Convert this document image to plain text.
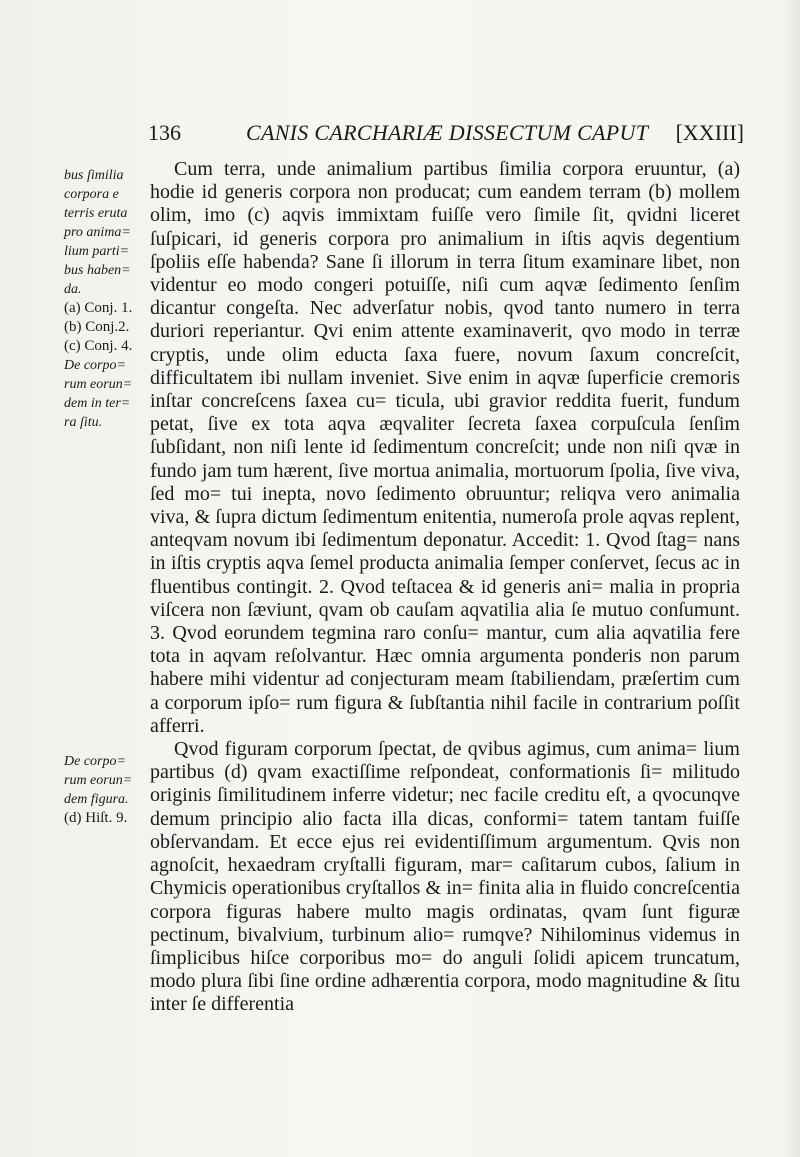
136	CANIS CARCHARIÆ DISSECTUM CAPUT [XXIII]
bus ſimilia
corpora e
terris eruta
pro anima=
lium parti=
bus haben=
da.
(a) Conj. 1.
(b) Conj.2.
(c) Conj. 4.
De corpo=
rum eorun=
dem in ter=
ra ſitu.
De corpo=
rum eorun=
dem figura.
(d) Hiſt. 9.

Cum terra, unde animalium partibus ſimilia corpora eruuntur, (a) hodie id generis corpora non producat; cum eandem terram (b) mollem olim, imo (c) aqvis immixtam fuiſſe vero ſimile ſit, qvidni liceret ſuſpicari, id generis corpora pro animalium in iſtis aqvis degentium ſpoliis eſſe habenda? Sane ſi illorum in terra ſitum examinare libet, non videntur eo modo congeri potuiſſe, niſi cum aqvæ ſedimento ſenſim dicantur congeſta. Nec adverſatur nobis, qvod tanto numero in terra duriori reperiantur. Qvi enim attente examinaverit, qvo modo in terræ cryptis, unde olim educta ſaxa fuere, novum ſaxum concreſcit, difficultatem ibi nullam inveniet. Sive enim in aqvæ ſuperficie cremoris inſtar concreſcens ſaxea cu= ticula, ubi gravior reddita fuerit, fundum petat, ſive ex tota aqva æqvaliter ſecreta ſaxea corpuſcula ſenſim ſubſidant, non niſi lente id ſedimentum concreſcit; unde non niſi qvæ in fundo jam tum hærent, ſive mortua animalia, mortuorum ſpolia, ſive viva, ſed mo= tui inepta, novo ſedimento obruuntur; reliqva vero animalia viva, & ſupra dictum ſedimentum enitentia, numeroſa prole aqvas replent, anteqvam novum ibi ſedimentum deponatur. Accedit: 1. Qvod ſtag= nans in iſtis cryptis aqva ſemel producta animalia ſemper conſervet, ſecus ac in fluentibus contingit. 2. Qvod teſtacea & id generis ani= malia in propria viſcera non ſæviunt, qvam ob cauſam aqvatilia alia ſe mutuo conſumunt. 3. Qvod eorundem tegmina raro conſu= mantur, cum alia aqvatilia fere tota in aqvam reſolvantur. Hæc omnia argumenta ponderis non parum habere mihi videntur ad conjecturam meam ſtabiliendam, præſertim cum a corporum ipſo= rum figura & ſubſtantia nihil facile in contrarium poſſit afferri.

Qvod figuram corporum ſpectat, de qvibus agimus, cum anima= lium partibus (d) qvam exactiſſime reſpondeat, conformationis ſi= militudo originis ſimilitudinem inferre videtur; nec facile creditu eſt, a qvocunqve demum principio alio facta illa dicas, conformi= tatem tantam fuiſſe obſervandam. Et ecce ejus rei evidentiſſimum argumentum. Qvis non agnoſcit, hexaedram cryſtalli figuram, mar= caſitarum cubos, ſalium in Chymicis operationibus cryſtallos & in= finita alia in fluido concreſcentia corpora figuras habere multo magis ordinatas, qvam ſunt figuræ pectinum, bivalvium, turbinum alio= rumqve? Nihilominus videmus in ſimplicibus hiſce corporibus mo= do anguli ſolidi apicem truncatum, modo plura ſibi ſine ordine adhærentia corpora, modo magnitudine & ſitu inter ſe differentia
